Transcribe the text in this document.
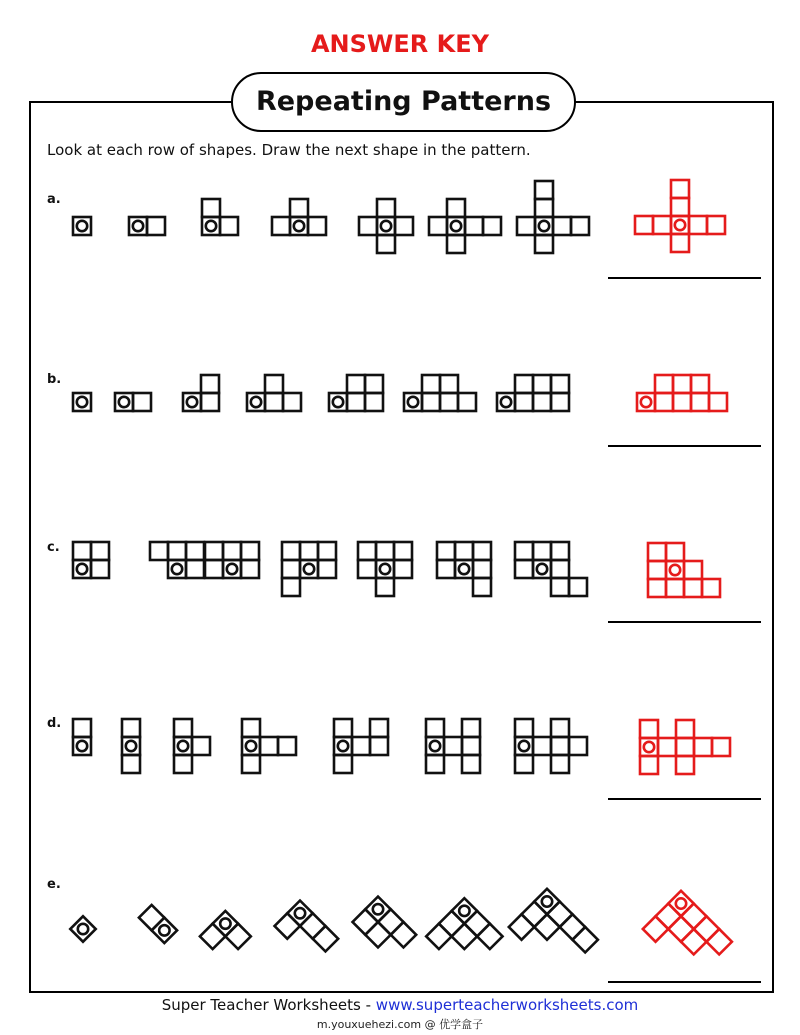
ANSWER KEY
Repeating Patterns
Look at each row of shapes. Draw the next shape in the pattern.
a.
b.
c.
d.
e.
Super Teacher Worksheets - www.superteacherworksheets.com
m.youxuehezi.com @ 优学盒子
